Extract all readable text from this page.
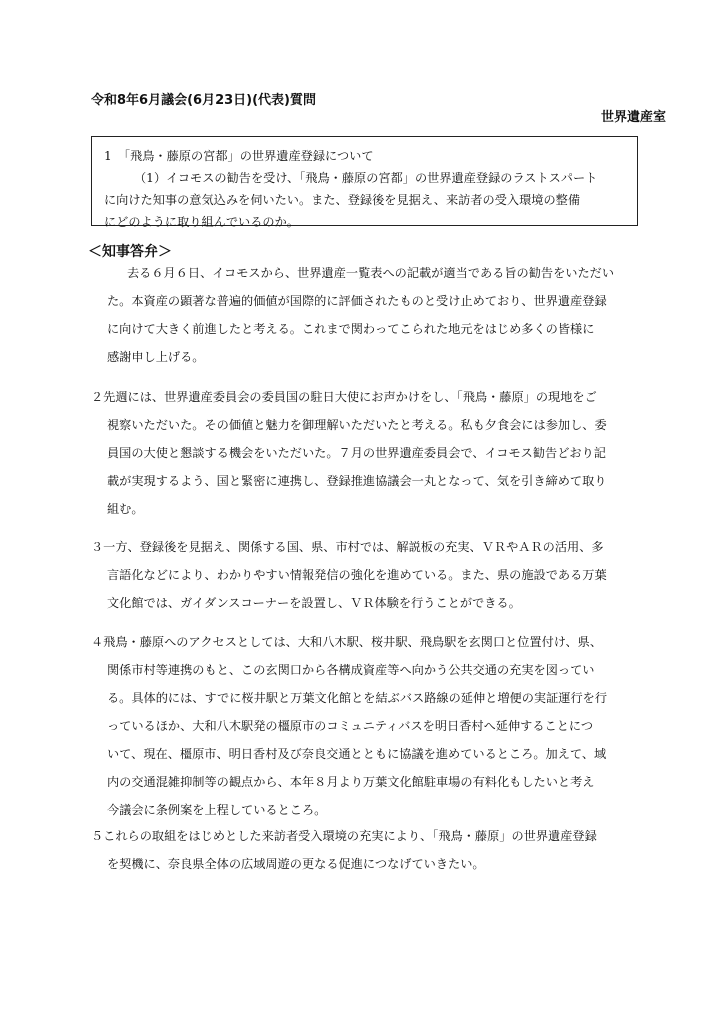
令和8年6月議会(6月23日)(代表)質問
世界遺産室
1　「飛鳥・藤原の宮都」の世界遺産登録について
（1）イコモスの勧告を受け、「飛鳥・藤原の宮都」の世界遺産登録のラストスパート
に向けた知事の意気込みを伺いたい。また、登録後を見据え、来訪者の受入環境の整備
にどのように取り組んでいるのか。
＜知事答弁＞
去る６月６日、イコモスから、世界遺産一覧表への記載が適当である旨の勧告をいただい
た。本資産の顕著な普遍的価値が国際的に評価されたものと受け止めており、世界遺産登録
に向けて大きく前進したと考える。これまで関わってこられた地元をはじめ多くの皆様に
感謝申し上げる。
２先週には、世界遺産委員会の委員国の駐日大使にお声かけをし、「飛鳥・藤原」の現地をご
視察いただいた。その価値と魅力を御理解いただいたと考える。私も夕食会には参加し、委
員国の大使と懇談する機会をいただいた。７月の世界遺産委員会で、イコモス勧告どおり記
載が実現するよう、国と緊密に連携し、登録推進協議会一丸となって、気を引き締めて取り
組む。
３一方、登録後を見据え、関係する国、県、市村では、解説板の充実、ＶＲやＡＲの活用、多
言語化などにより、わかりやすい情報発信の強化を進めている。また、県の施設である万葉
文化館では、ガイダンスコーナーを設置し、ＶＲ体験を行うことができる。
４飛鳥・藤原へのアクセスとしては、大和八木駅、桜井駅、飛鳥駅を玄関口と位置付け、県、
関係市村等連携のもと、この玄関口から各構成資産等へ向かう公共交通の充実を図ってい
る。具体的には、すでに桜井駅と万葉文化館とを結ぶバス路線の延伸と増便の実証運行を行
っているほか、大和八木駅発の橿原市のコミュニティバスを明日香村へ延伸することにつ
いて、現在、橿原市、明日香村及び奈良交通とともに協議を進めているところ。加えて、域
内の交通混雑抑制等の観点から、本年８月より万葉文化館駐車場の有料化もしたいと考え
今議会に条例案を上程しているところ。
５これらの取組をはじめとした来訪者受入環境の充実により、「飛鳥・藤原」の世界遺産登録
を契機に、奈良県全体の広域周遊の更なる促進につなげていきたい。
